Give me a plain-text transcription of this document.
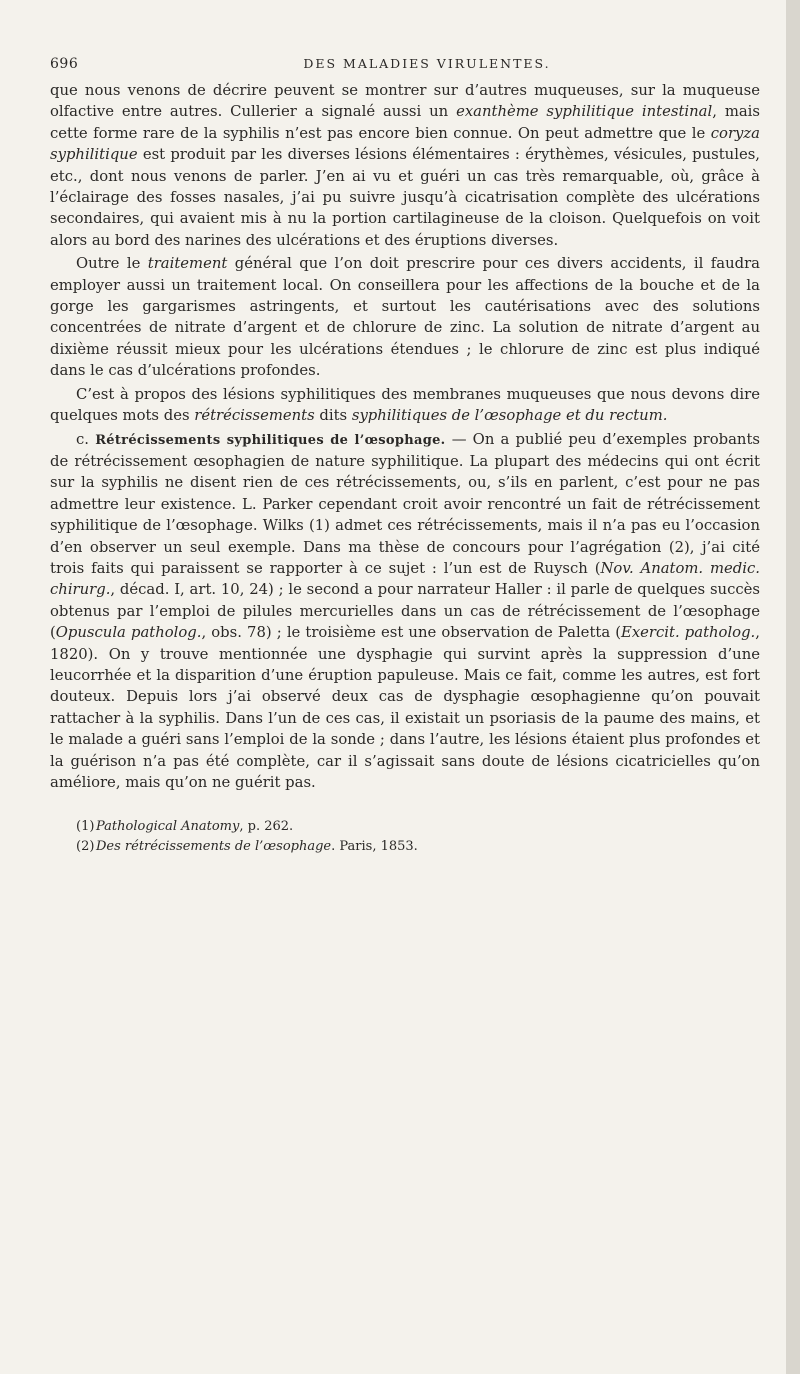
696	DES MALADIES VIRULENTES.

que nous venons de décrire peuvent se montrer sur d’autres muqueuses, sur la muqueuse olfactive entre autres. Cullerier a signalé aussi un exanthème syphilitique intestinal, mais cette forme rare de la syphilis n’est pas encore bien connue. On peut admettre que le coryza syphilitique est produit par les diverses lésions élémentaires : érythèmes, vésicules, pustules, etc., dont nous venons de parler. J’en ai vu et guéri un cas très remarquable, où, grâce à l’éclairage des fosses nasales, j’ai pu suivre jusqu’à cicatrisation complète des ulcérations secondaires, qui avaient mis à nu la portion cartilagineuse de la cloison. Quelquefois on voit alors au bord des narines des ulcérations et des éruptions diverses.

Outre le traitement général que l’on doit prescrire pour ces divers accidents, il faudra employer aussi un traitement local. On conseillera pour les affections de la bouche et de la gorge les gargarismes astringents, et surtout les cautérisations avec des solutions concentrées de nitrate d’argent et de chlorure de zinc. La solution de nitrate d’argent au dixième réussit mieux pour les ulcérations étendues ; le chlorure de zinc est plus indiqué dans le cas d’ulcérations profondes.

C’est à propos des lésions syphilitiques des membranes muqueuses que nous devons dire quelques mots des rétrécissements dits syphilitiques de l’œsophage et du rectum.

c. Rétrécissements syphilitiques de l’œsophage. — On a publié peu d’exemples probants de rétrécissement œsophagien de nature syphilitique. La plupart des médecins qui ont écrit sur la syphilis ne disent rien de ces rétrécissements, ou, s’ils en parlent, c’est pour ne pas admettre leur existence. L. Parker cependant croit avoir rencontré un fait de rétrécissement syphilitique de l’œsophage. Wilks (1) admet ces rétrécissements, mais il n’a pas eu l’occasion d’en observer un seul exemple. Dans ma thèse de concours pour l’agrégation (2), j’ai cité trois faits qui paraissent se rapporter à ce sujet : l’un est de Ruysch (Nov. Anatom. medic. chirurg., décad. I, art. 10, 24) ; le second a pour narrateur Haller : il parle de quelques succès obtenus par l’emploi de pilules mercurielles dans un cas de rétrécissement de l’œsophage (Opuscula patholog., obs. 78) ; le troisième est une observation de Paletta (Exercit. patholog., 1820). On y trouve mentionnée une dysphagie qui survint après la suppression d’une leucorrhée et la disparition d’une éruption papuleuse. Mais ce fait, comme les autres, est fort douteux. Depuis lors j’ai observé deux cas de dysphagie œsophagienne qu’on pouvait rattacher à la syphilis. Dans l’un de ces cas, il existait un psoriasis de la paume des mains, et le malade a guéri sans l’emploi de la sonde ; dans l’autre, les lésions étaient plus profondes et la guérison n’a pas été complète, car il s’agissait sans doute de lésions cicatricielles qu’on améliore, mais qu’on ne guérit pas.

(1) Pathological Anatomy, p. 262.

(2) Des rétrécissements de l’œsophage. Paris, 1853.
